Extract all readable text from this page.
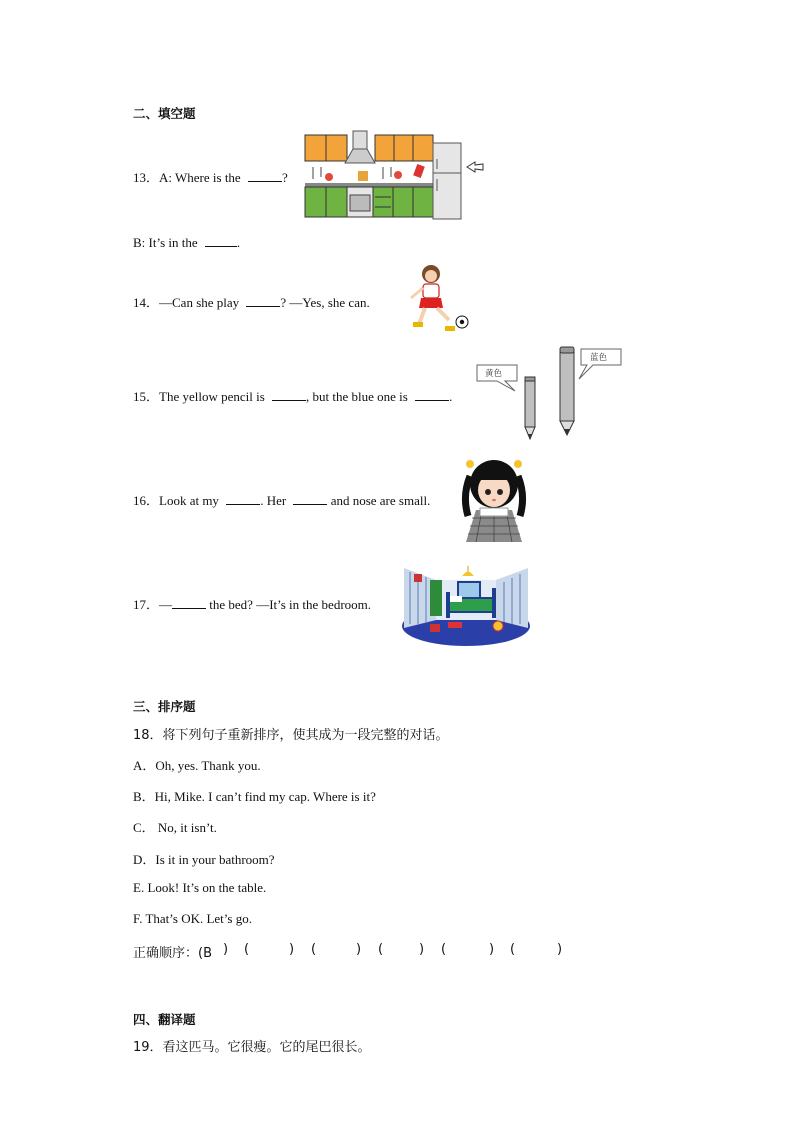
二、填空题
13．A: Where is the	?
B: It’s in the	.
14．—Can she play	? —Yes, she can.
15．The yellow pencil is	, but the blue one is	.
黄色
蓝色
16．Look at my	. Her	and nose are small.
17．—	the bed? —It’s in the bedroom.
三、排序题
18．将下列句子重新排序，使其成为一段完整的对话。
A．Oh, yes. Thank you.
B．Hi, Mike. I can’t find my cap. Where is it?
C． No, it isn’t.
D．Is it in your bathroom?
E. Look! It’s on the table.
F. That’s OK. Let’s go.
正确顺序：(B ) (	) (	) (	) (	) (	)
四、翻译题
19．看这匹马。它很瘦。它的尾巴很长。
